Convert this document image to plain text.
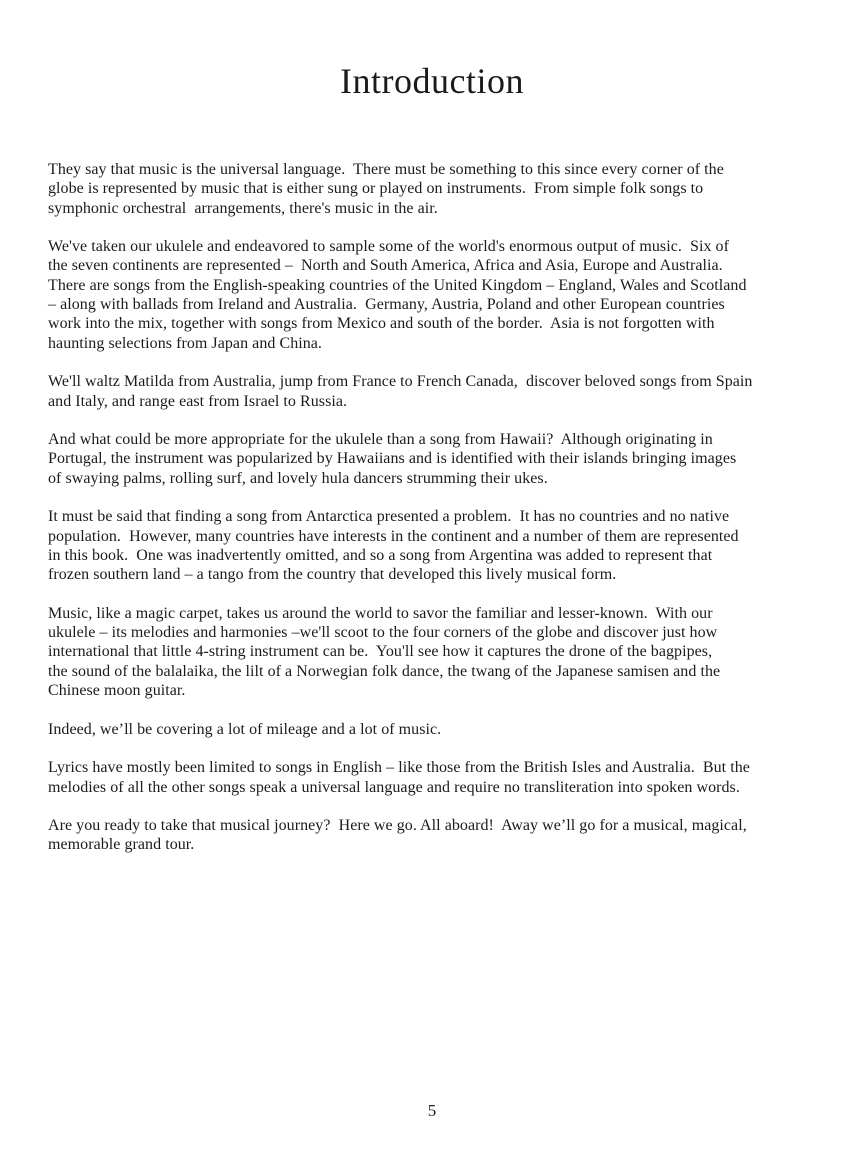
Introduction
They say that music is the universal language.  There must be something to this since every corner of the
globe is represented by music that is either sung or played on instruments.  From simple folk songs to
symphonic orchestral  arrangements, there's music in the air.
We've taken our ukulele and endeavored to sample some of the world's enormous output of music.  Six of
the seven continents are represented –  North and South America, Africa and Asia, Europe and Australia.
There are songs from the English-speaking countries of the United Kingdom – England, Wales and Scotland
– along with ballads from Ireland and Australia.  Germany, Austria, Poland and other European countries
work into the mix, together with songs from Mexico and south of the border.  Asia is not forgotten with
haunting selections from Japan and China.
We'll waltz Matilda from Australia, jump from France to French Canada,  discover beloved songs from Spain
and Italy, and range east from Israel to Russia.
And what could be more appropriate for the ukulele than a song from Hawaii?  Although originating in
Portugal, the instrument was popularized by Hawaiians and is identified with their islands bringing images
of swaying palms, rolling surf, and lovely hula dancers strumming their ukes.
It must be said that finding a song from Antarctica presented a problem.  It has no countries and no native
population.  However, many countries have interests in the continent and a number of them are represented
in this book.  One was inadvertently omitted, and so a song from Argentina was added to represent that
frozen southern land – a tango from the country that developed this lively musical form.
Music, like a magic carpet, takes us around the world to savor the familiar and lesser-known.  With our
ukulele – its melodies and harmonies –we'll scoot to the four corners of the globe and discover just how
international that little 4-string instrument can be.  You'll see how it captures the drone of the bagpipes,
the sound of the balalaika, the lilt of a Norwegian folk dance, the twang of the Japanese samisen and the
Chinese moon guitar.
Indeed, we’ll be covering a lot of mileage and a lot of music.
Lyrics have mostly been limited to songs in English – like those from the British Isles and Australia.  But the
melodies of all the other songs speak a universal language and require no transliteration into spoken words.
Are you ready to take that musical journey?  Here we go. All aboard!  Away we’ll go for a musical, magical,
memorable grand tour.
5
